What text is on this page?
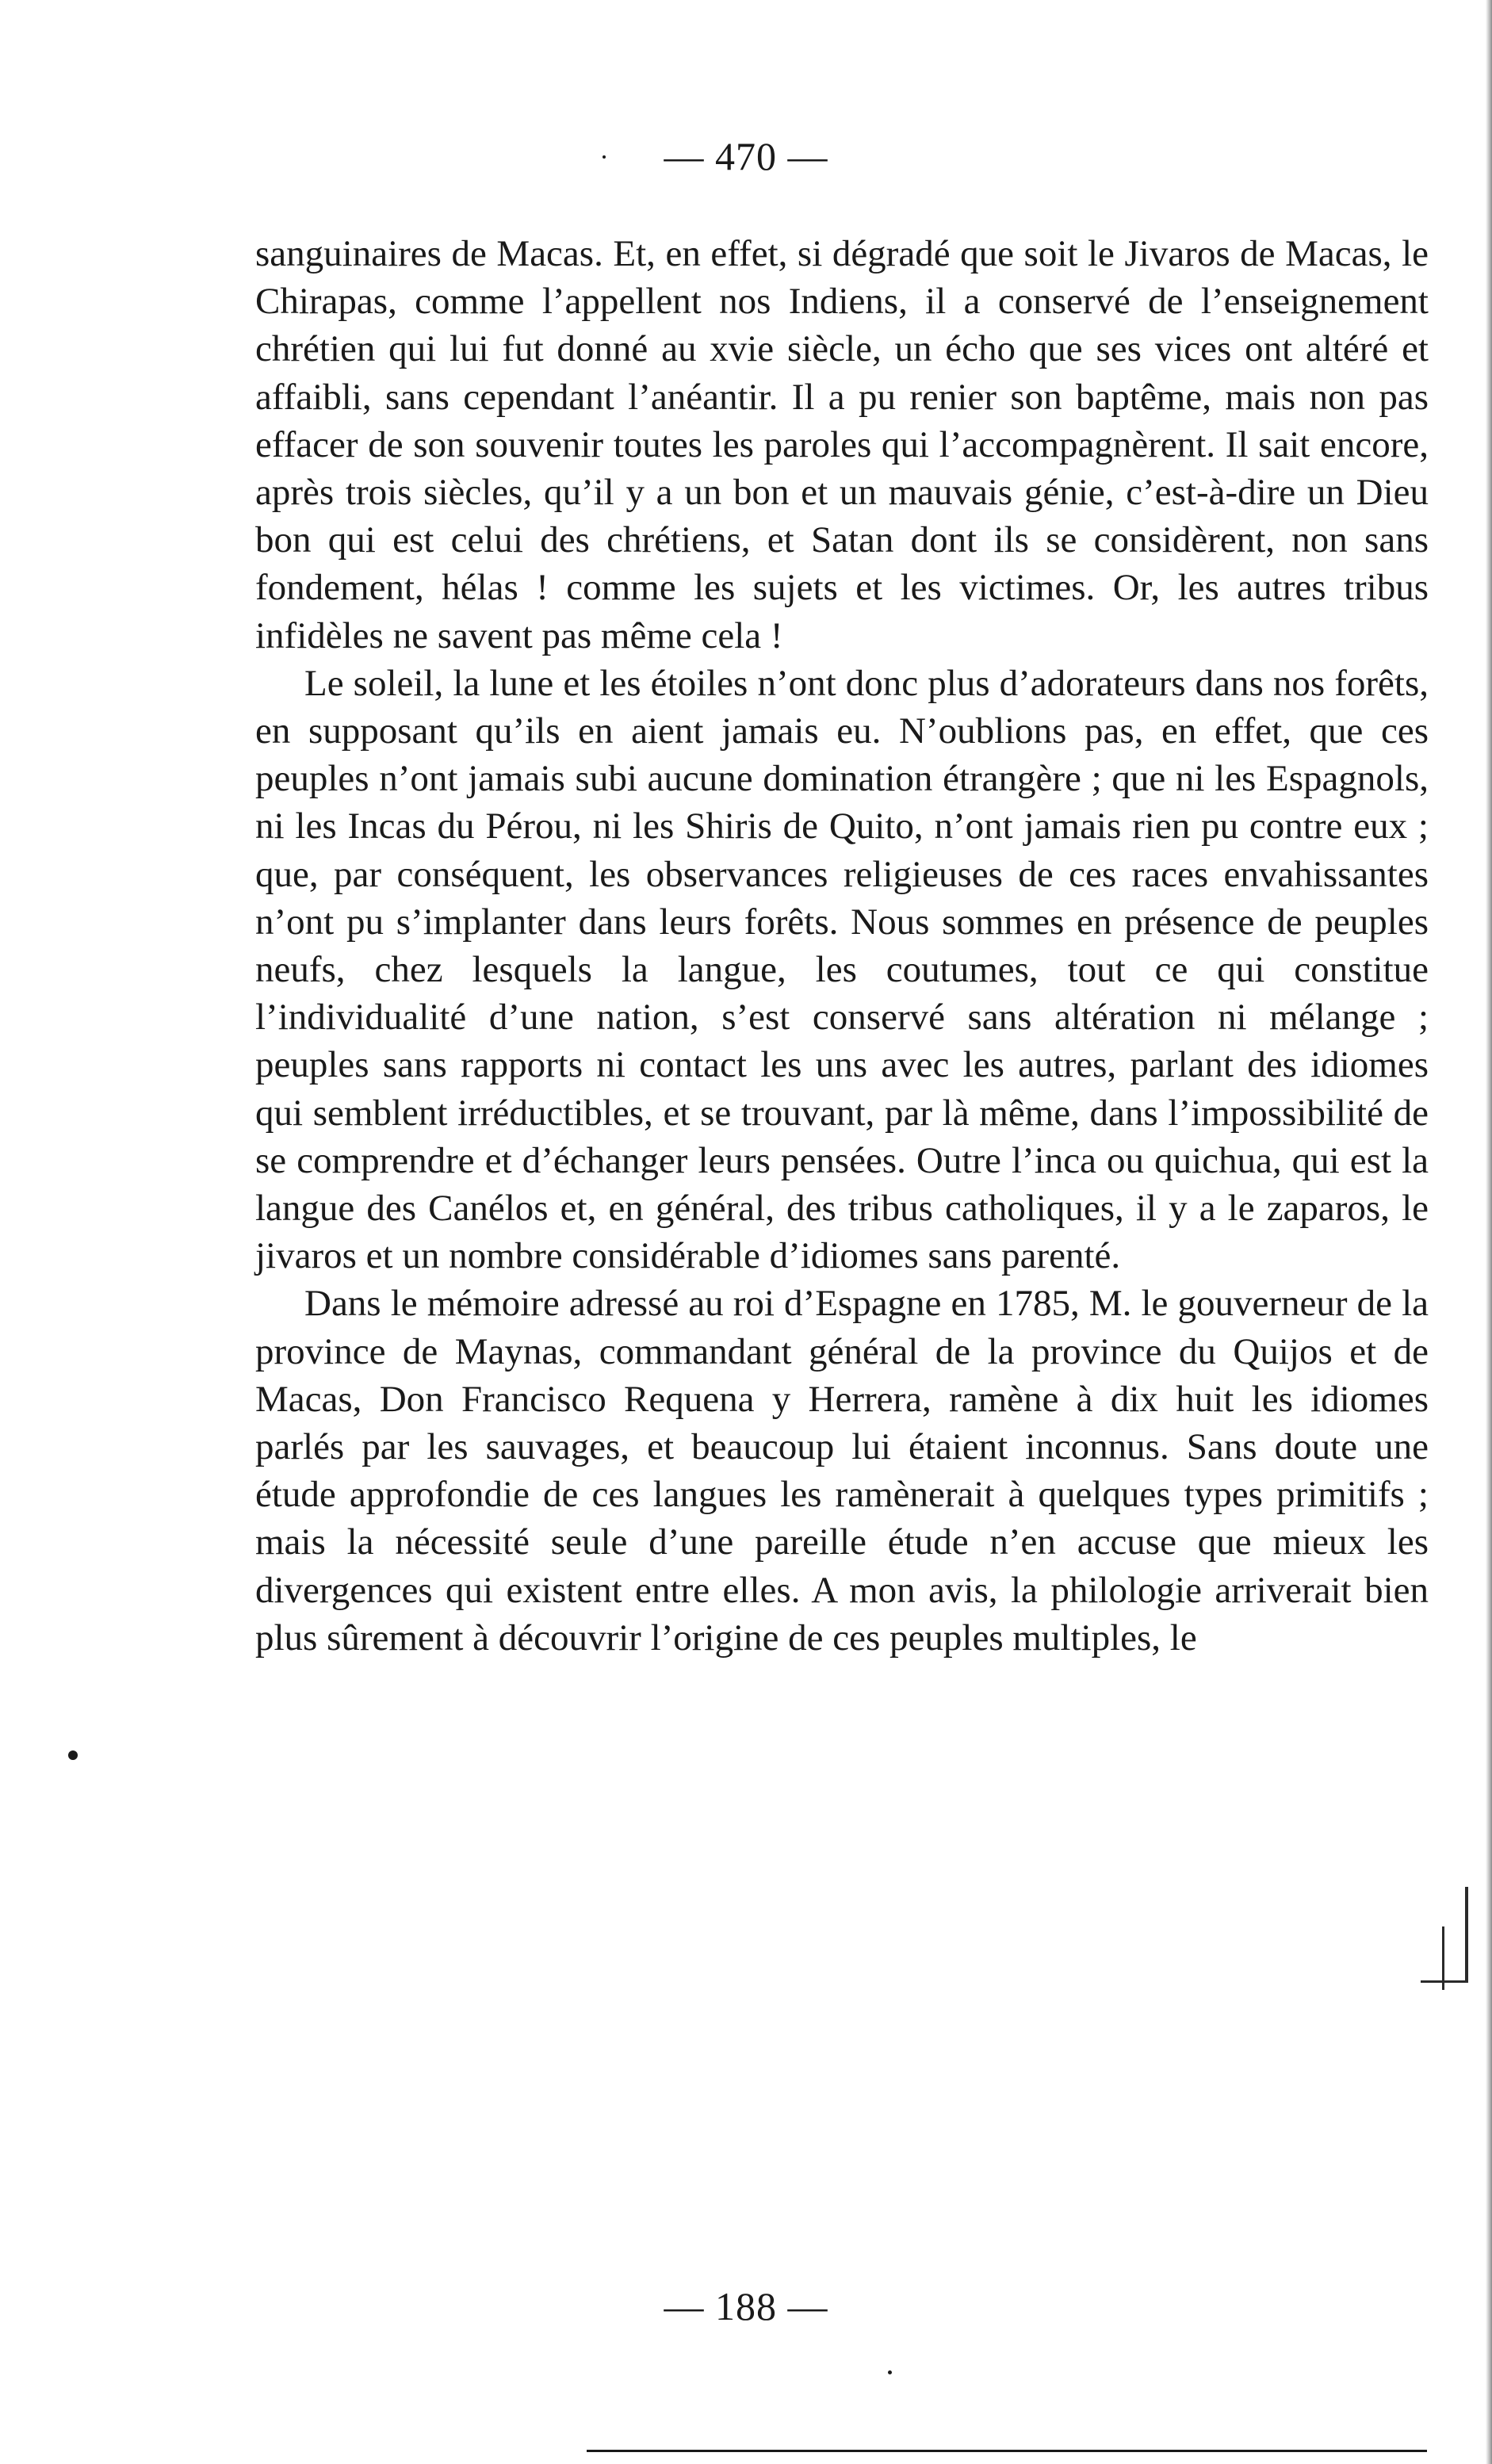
— 470 —

sanguinaires de Macas. Et, en effet, si dégradé que soit le Jivaros de Macas, le Chirapas, comme l’appellent nos Indiens, il a conservé de l’enseignement chrétien qui lui fut donné au xvie siècle, un écho que ses vices ont altéré et affaibli, sans cependant l’anéantir. Il a pu renier son baptême, mais non pas effacer de son souvenir toutes les paroles qui l’accompagnèrent. Il sait encore, après trois siècles, qu’il y a un bon et un mauvais génie, c’est-à-dire un Dieu bon qui est celui des chrétiens, et Satan dont ils se considèrent, non sans fondement, hélas ! comme les sujets et les victimes. Or, les autres tribus infidèles ne savent pas même cela !

Le soleil, la lune et les étoiles n’ont donc plus d’adorateurs dans nos forêts, en supposant qu’ils en aient jamais eu. N’oublions pas, en effet, que ces peuples n’ont jamais subi aucune domination étrangère ; que ni les Espagnols, ni les Incas du Pérou, ni les Shiris de Quito, n’ont jamais rien pu contre eux ; que, par conséquent, les observances religieuses de ces races envahissantes n’ont pu s’implanter dans leurs forêts. Nous sommes en présence de peuples neufs, chez lesquels la langue, les coutumes, tout ce qui constitue l’individualité d’une nation, s’est conservé sans altération ni mélange ; peuples sans rapports ni contact les uns avec les autres, parlant des idiomes qui semblent irréductibles, et se trouvant, par là même, dans l’impossibilité de se comprendre et d’échanger leurs pensées. Outre l’inca ou quichua, qui est la langue des Canélos et, en général, des tribus catholiques, il y a le zaparos, le jivaros et un nombre considérable d’idiomes sans parenté.

Dans le mémoire adressé au roi d’Espagne en 1785, M. le gouverneur de la province de Maynas, commandant général de la province du Quijos et de Macas, Don Francisco Requena y Herrera, ramène à dix huit les idiomes parlés par les sauvages, et beaucoup lui étaient inconnus. Sans doute une étude approfondie de ces langues les ramènerait à quelques types primitifs ; mais la nécessité seule d’une pareille étude n’en accuse que mieux les divergences qui existent entre elles. A mon avis, la philologie arriverait bien plus sûrement à découvrir l’origine de ces peuples multiples, le

— 188 —
